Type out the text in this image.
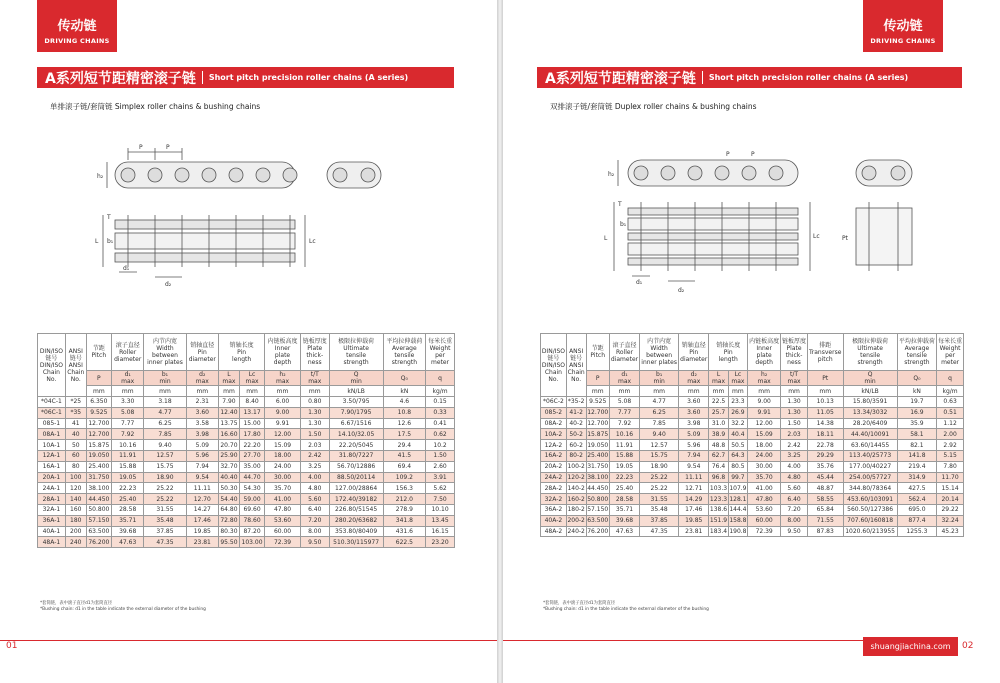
传动链
DRIVING CHAINS
A系列短节距精密滚子链 Short pitch precision roller chains (A series)
单排滚子链/套筒链 Simplex roller chains & bushing chains
P	P
h₂
T
b₁
L	Lc
d₁
d₂
DIN/ISO
链号
DIN/ISO
Chain
No.	ANSI
链号
ANSI
Chain
No.	节距
Pitch	滚子直径
Roller
diameter	内节内宽
Width
between
inner plates	销轴直径
Pin
diameter	销轴长度
Pin
length		内链板高度
Inner
plate
depth	链板厚度
Plate
thick-
ness	极限拉伸载荷
Ultimate
tensile
strength	平均拉伸载荷
Average
tensile
strength	每米长重
Weight
per
meter
		P	d₁
max	b₁
min	d₂
max	L
max	Lc
max	h₂
max	t/T
max	Q
min	Q₀	q
		mm	mm	mm	mm	mm	mm	mm	mm	kN/LB	kN	kg/m
*04C-1	*25	6.350	3.30	3.18	2.31	7.90	8.40	6.00	0.80	3.50/795	4.6	0.15
*06C-1	*35	9.525	5.08	4.77	3.60	12.40	13.17	9.00	1.30	7.90/1795	10.8	0.33
085-1	41	12.700	7.77	6.25	3.58	13.75	15.00	9.91	1.30	6.67/1516	12.6	0.41
08A-1	40	12.700	7.92	7.85	3.98	16.60	17.80	12.00	1.50	14.10/32.05	17.5	0.62
10A-1	50	15.875	10.16	9.40	5.09	20.70	22.20	15.09	2.03	22.20/5045	29.4	10.2
12A-1	60	19.050	11.91	12.57	5.96	25.90	27.70	18.00	2.42	31.80/7227	41.5	1.50
16A-1	80	25.400	15.88	15.75	7.94	32.70	35.00	24.00	3.25	56.70/12886	69.4	2.60
20A-1	100	31.750	19.05	18.90	9.54	40.40	44.70	30.00	4.00	88.50/20114	109.2	3.91
24A-1	120	38.100	22.23	25.22	11.11	50.30	54.30	35.70	4.80	127.00/28864	156.3	5.62
28A-1	140	44.450	25.40	25.22	12.70	54.40	59.00	41.00	5.60	172.40/39182	212.0	7.50
32A-1	160	50.800	28.58	31.55	14.27	64.80	69.60	47.80	6.40	226.80/51545	278.9	10.10
36A-1	180	57.150	35.71	35.48	17.46	72.80	78.60	53.60	7.20	280.20/63682	341.8	13.45
40A-1	200	63.500	39.68	37.85	19.85	80.30	87.20	60.00	8.00	353.80/80409	431.6	16.15
48A-1	240	76.200	47.63	47.35	23.81	95.50	103.00	72.39	9.50	510.30/115977	622.5	23.20
*套筒链，表中滚子直径d1为套筒直径
*Bushing chain: d1 in the table indicate the external diameter of the bushing
01
传动链
DRIVING CHAINS
A系列短节距精密滚子链 Short pitch precision roller chains (A series)
双排滚子链/套筒链 Duplex roller chains & bushing chains
P	P
h₂
T
b₁
L	Lc	Pt
d₁
d₂
DIN/ISO
链号
DIN/ISO
Chain
No.	ANSI
链号
ANSI
Chain
No.	节距
Pitch	滚子直径
Roller
diameter	内节内宽
Width
between
inner plates	销轴直径
Pin
diameter	销轴长度
Pin
length		内链板高度
Inner
plate
depth	链板厚度
Plate
thick-
ness	排距
Transverse
pitch	极限拉伸载荷
Ultimate
tensile
strength	平均拉伸载荷
Average
tensile
strength	每米长重
Weight
per
meter
		P	d₁
max	b₁
min	d₂
max	L
max	Lc
max	h₂
max	t/T
max	Pt	Q
min	Q₀	q
		mm	mm	mm	mm	mm	mm	mm	mm	mm	kN/LB	kN	kg/m
*06C-2	*35-2	9.525	5.08	4.77	3.60	22.5	23.3	9.00	1.30	10.13	15.80/3591	19.7	0.63
085-2	41-2	12.700	7.77	6.25	3.60	25.7	26.9	9.91	1.30	11.05	13.34/3032	16.9	0.51
08A-2	40-2	12.700	7.92	7.85	3.98	31.0	32.2	12.00	1.50	14.38	28.20/6409	35.9	1.12
10A-2	50-2	15.875	10.16	9.40	5.09	38.9	40.4	15.09	2.03	18.11	44.40/10091	58.1	2.00
12A-2	60-2	19.050	11.91	12.57	5.96	48.8	50.5	18.00	2.42	22.78	63.60/14455	82.1	2.92
16A-2	80-2	25.400	15.88	15.75	7.94	62.7	64.3	24.00	3.25	29.29	113.40/25773	141.8	5.15
20A-2	100-2	31.750	19.05	18.90	9.54	76.4	80.5	30.00	4.00	35.76	177.00/40227	219.4	7.80
24A-2	120-2	38.100	22.23	25.22	11.11	96.8	99.7	35.70	4.80	45.44	254.00/57727	314.9	11.70
28A-2	140-2	44.450	25.40	25.22	12.71	103.3	107.9	41.00	5.60	48.87	344.80/78364	427.5	15.14
32A-2	160-2	50.800	28.58	31.55	14.29	123.3	128.1	47.80	6.40	58.55	453.60/103091	562.4	20.14
36A-2	180-2	57.150	35.71	35.48	17.46	138.6	144.4	53.60	7.20	65.84	560.50/127386	695.0	29.22
40A-2	200-2	63.500	39.68	37.85	19.85	151.9	158.8	60.00	8.00	71.55	707.60/160818	877.4	32.24
48A-2	240-2	76.200	47.63	47.35	23.81	183.4	190.8	72.39	9.50	87.83	1020.60/213955	1255.3	45.23
*套筒链，表中滚子直径d1为套筒直径
*Bushing chain: d1 in the table indicate the external diameter of the bushing
shuangjiachina.com	02
